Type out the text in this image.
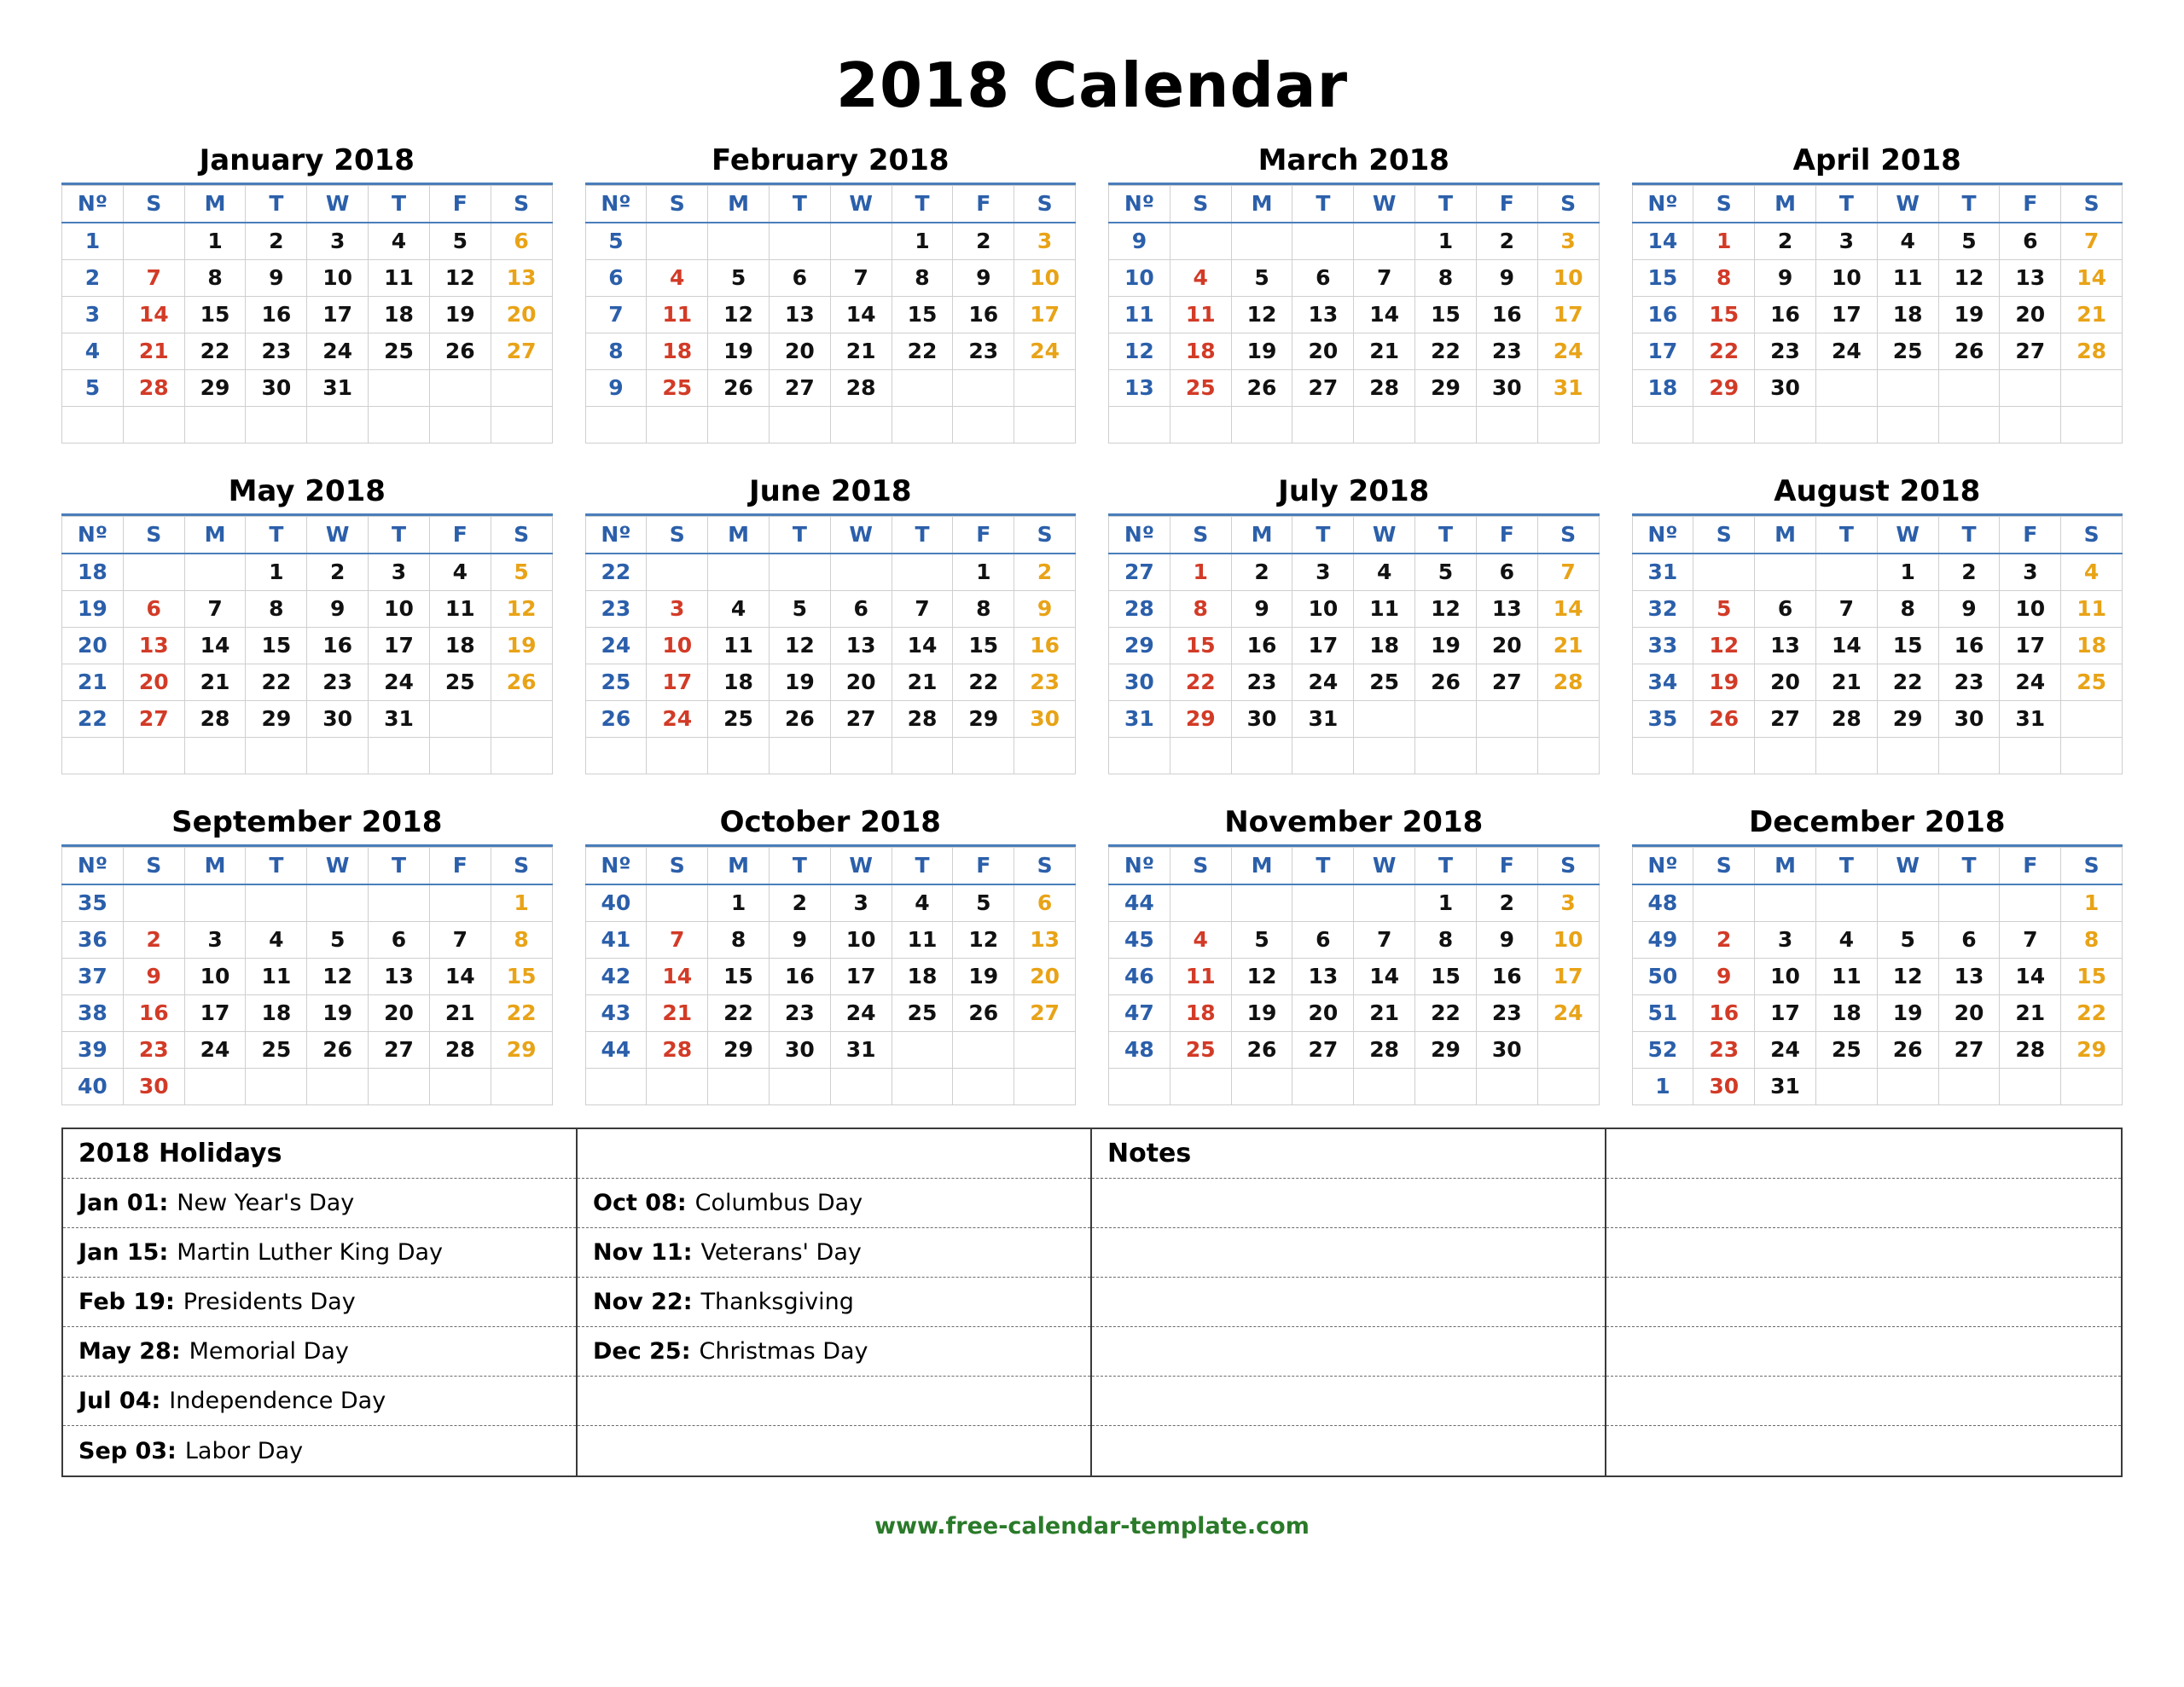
2018 Calendar
January 2018
Nº	S	M	T	W	T	F	S
1		1	2	3	4	5	6
2	7	8	9	10	11	12	13
3	14	15	16	17	18	19	20
4	21	22	23	24	25	26	27
5	28	29	30	31			

February 2018
Nº	S	M	T	W	T	F	S
5					1	2	3
6	4	5	6	7	8	9	10
7	11	12	13	14	15	16	17
8	18	19	20	21	22	23	24
9	25	26	27	28			

March 2018
Nº	S	M	T	W	T	F	S
9					1	2	3
10	4	5	6	7	8	9	10
11	11	12	13	14	15	16	17
12	18	19	20	21	22	23	24
13	25	26	27	28	29	30	31

April 2018
Nº	S	M	T	W	T	F	S
14	1	2	3	4	5	6	7
15	8	9	10	11	12	13	14
16	15	16	17	18	19	20	21
17	22	23	24	25	26	27	28
18	29	30					

May 2018
Nº	S	M	T	W	T	F	S
18			1	2	3	4	5
19	6	7	8	9	10	11	12
20	13	14	15	16	17	18	19
21	20	21	22	23	24	25	26
22	27	28	29	30	31		

June 2018
Nº	S	M	T	W	T	F	S
22						1	2
23	3	4	5	6	7	8	9
24	10	11	12	13	14	15	16
25	17	18	19	20	21	22	23
26	24	25	26	27	28	29	30

July 2018
Nº	S	M	T	W	T	F	S
27	1	2	3	4	5	6	7
28	8	9	10	11	12	13	14
29	15	16	17	18	19	20	21
30	22	23	24	25	26	27	28
31	29	30	31				

August 2018
Nº	S	M	T	W	T	F	S
31				1	2	3	4
32	5	6	7	8	9	10	11
33	12	13	14	15	16	17	18
34	19	20	21	22	23	24	25
35	26	27	28	29	30	31	

September 2018
Nº	S	M	T	W	T	F	S
35							1
36	2	3	4	5	6	7	8
37	9	10	11	12	13	14	15
38	16	17	18	19	20	21	22
39	23	24	25	26	27	28	29
40	30						
October 2018
Nº	S	M	T	W	T	F	S
40		1	2	3	4	5	6
41	7	8	9	10	11	12	13
42	14	15	16	17	18	19	20
43	21	22	23	24	25	26	27
44	28	29	30	31			

November 2018
Nº	S	M	T	W	T	F	S
44					1	2	3
45	4	5	6	7	8	9	10
46	11	12	13	14	15	16	17
47	18	19	20	21	22	23	24
48	25	26	27	28	29	30	

December 2018
Nº	S	M	T	W	T	F	S
48							1
49	2	3	4	5	6	7	8
50	9	10	11	12	13	14	15
51	16	17	18	19	20	21	22
52	23	24	25	26	27	28	29
1	30	31					
2018 Holidays
Jan 01: New Year's Day
Jan 15: Martin Luther King Day
Feb 19: Presidents Day
May 28: Memorial Day
Jul 04: Independence Day
Sep 03: Labor Day
Oct 08: Columbus Day
Nov 11: Veterans' Day
Nov 22: Thanksgiving
Dec 25: Christmas Day
Notes
www.free-calendar-template.com
